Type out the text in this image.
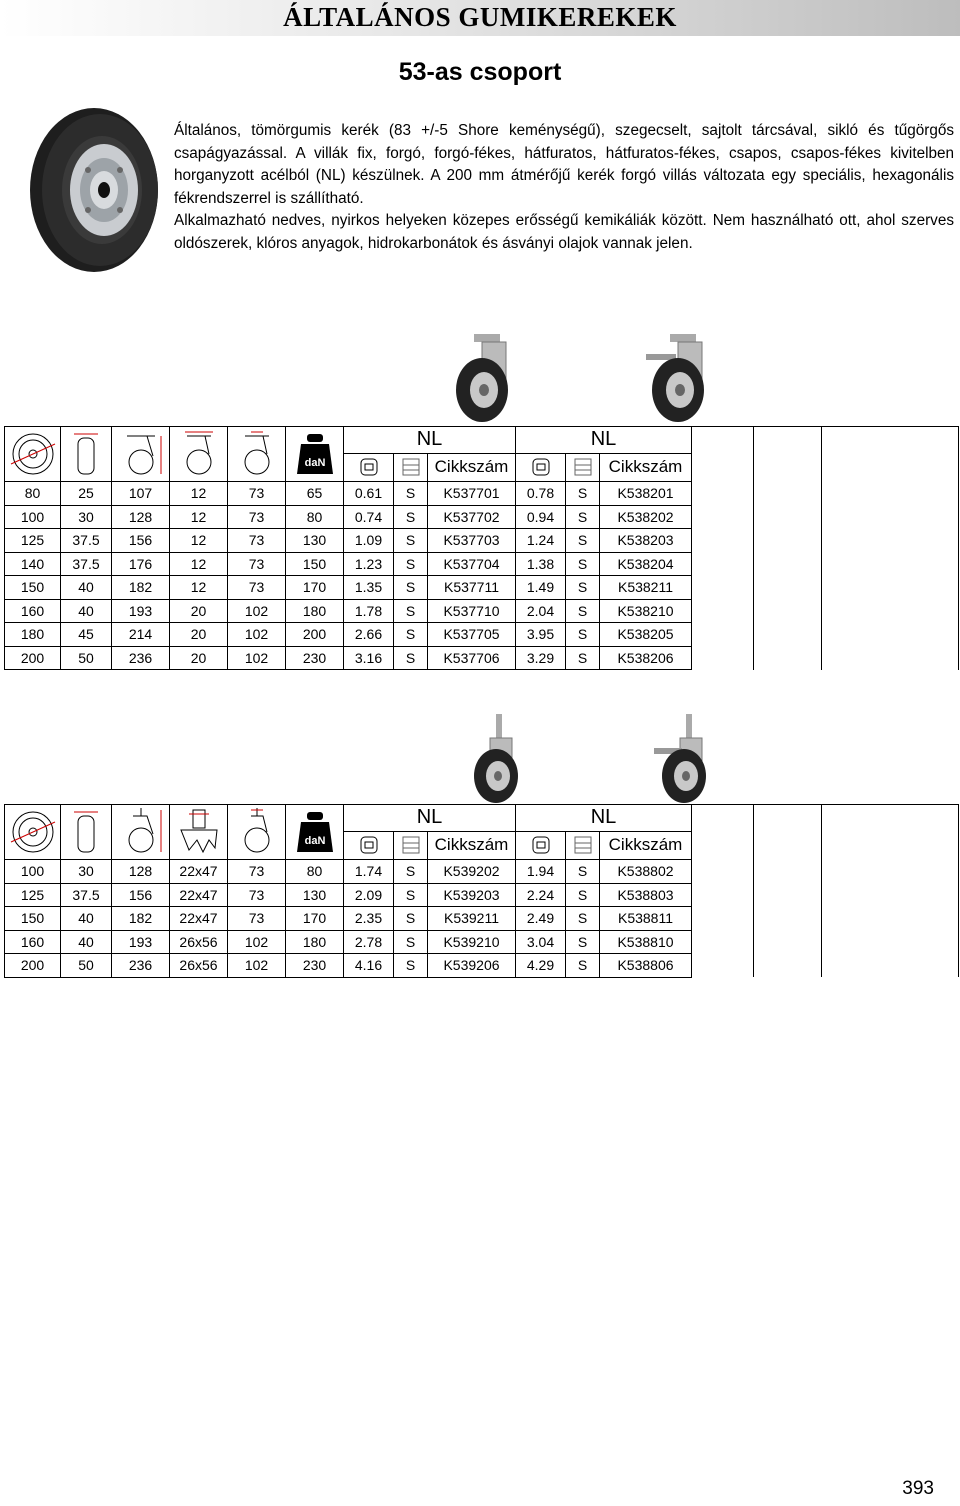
ÁLTALÁNOS GUMIKEREKEK
53-as csoport

Általános, tömörgumis kerék (83 +/-5 Shore keménységű), szegecselt, sajtolt tárcsával, sikló és tűgörgős csapágyazással. A villák fix, forgó, forgó-fékes, hátfuratos, hátfuratos-fékes, csapos, csapos-fékes kivitelben horganyzott acélból (NL) készülnek. A 200 mm átmérőjű kerék forgó villás változata egy speciális, hexagonális fékrendszerrel is szállítható.

Alkalmazható nedves, nyirkos helyeken közepes erősségű kemikáliák között. Nem használható ott, ahol szerves oldószerek, klóros anyagok, hidrokarbonátok és ásványi olajok vannak jelen.

daN	NL			NL					

	Cikkszám			Cikkszám			
80	25	107	12	73	65	0.61	S	K537701	0.78	S	K538201			
100	30	128	12	73	80	0.74	S	K537702	0.94	S	K538202			
125	37.5	156	12	73	130	1.09	S	K537703	1.24	S	K538203			
140	37.5	176	12	73	150	1.23	S	K537704	1.38	S	K538204			
150	40	182	12	73	170	1.35	S	K537711	1.49	S	K538211			
160	40	193	20	102	180	1.78	S	K537710	2.04	S	K538210			
180	45	214	20	102	200	2.66	S	K537705	3.95	S	K538205			
200	50	236	20	102	230	3.16	S	K537706	3.29	S	K538206			

daN	NL			NL					

	Cikkszám			Cikkszám			
100	30	128	22x47	73	80	1.74	S	K539202	1.94	S	K538802			
125	37.5	156	22x47	73	130	2.09	S	K539203	2.24	S	K538803			
150	40	182	22x47	73	170	2.35	S	K539211	2.49	S	K538811			
160	40	193	26x56	102	180	2.78	S	K539210	3.04	S	K538810			
200	50	236	26x56	102	230	4.16	S	K539206	4.29	S	K538806			
393
